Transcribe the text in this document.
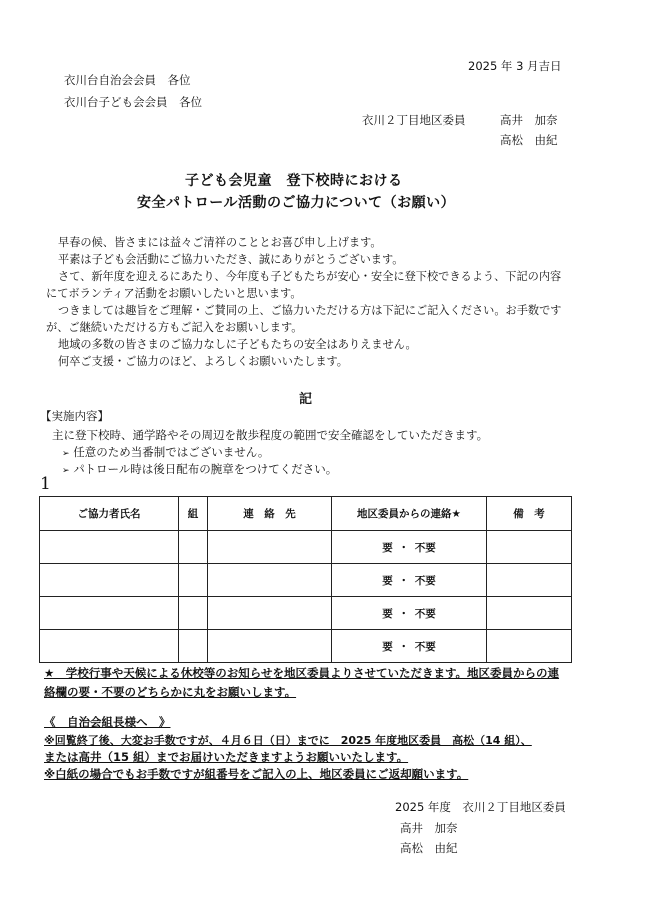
2025 年 3 月吉日
衣川台自治会会員　各位
衣川台子ども会会員　各位
衣川２丁目地区委員	高井　加奈
高松　由紀
子ども会児童　登下校時における
安全パトロール活動のご協力について（お願い）
早春の候、皆さまには益々ご清祥のこととお喜び申し上げます。
平素は子ども会活動にご協力いただき、誠にありがとうございます。
さて、新年度を迎えるにあたり、今年度も子どもたちが安心・安全に登下校できるよう、下記の内容
にてボランティア活動をお願いしたいと思います。
つきましては趣旨をご理解・ご賛同の上、ご協力いただける方は下記にご記入ください。お手数です
が、ご継続いただける方もご記入をお願いします。
地域の多数の皆さまのご協力なしに子どもたちの安全はありえません。
何卒ご支援・ご協力のほど、よろしくお願いいたします。
記
【実施内容】
主に登下校時、通学路やその周辺を散歩程度の範囲で安全確認をしていただきます。
➢ 任意のため当番制ではございません。
➢ パトロール時は後日配布の腕章をつけてください。
1
ご協力者氏名	組	連　絡　先	地区委員からの連絡★	備　考
			要 ・ 不要	
			要 ・ 不要	
			要 ・ 不要	
			要 ・ 不要	
★　学校行事や天候による休校等のお知らせを地区委員よりさせていただきます。地区委員からの連
絡欄の要・不要のどちらかに丸をお願いします。
《　自治会組長様へ　》
※回覧終了後、大変お手数ですが、４月６日（日）までに　2025 年度地区委員　高松（14 組）、
または高井（15 組）までお届けいただきますようお願いいたします。
※白紙の場合でもお手数ですが組番号をご記入の上、地区委員にご返却願います。
2025 年度　衣川２丁目地区委員
高井　加奈
高松　由紀
